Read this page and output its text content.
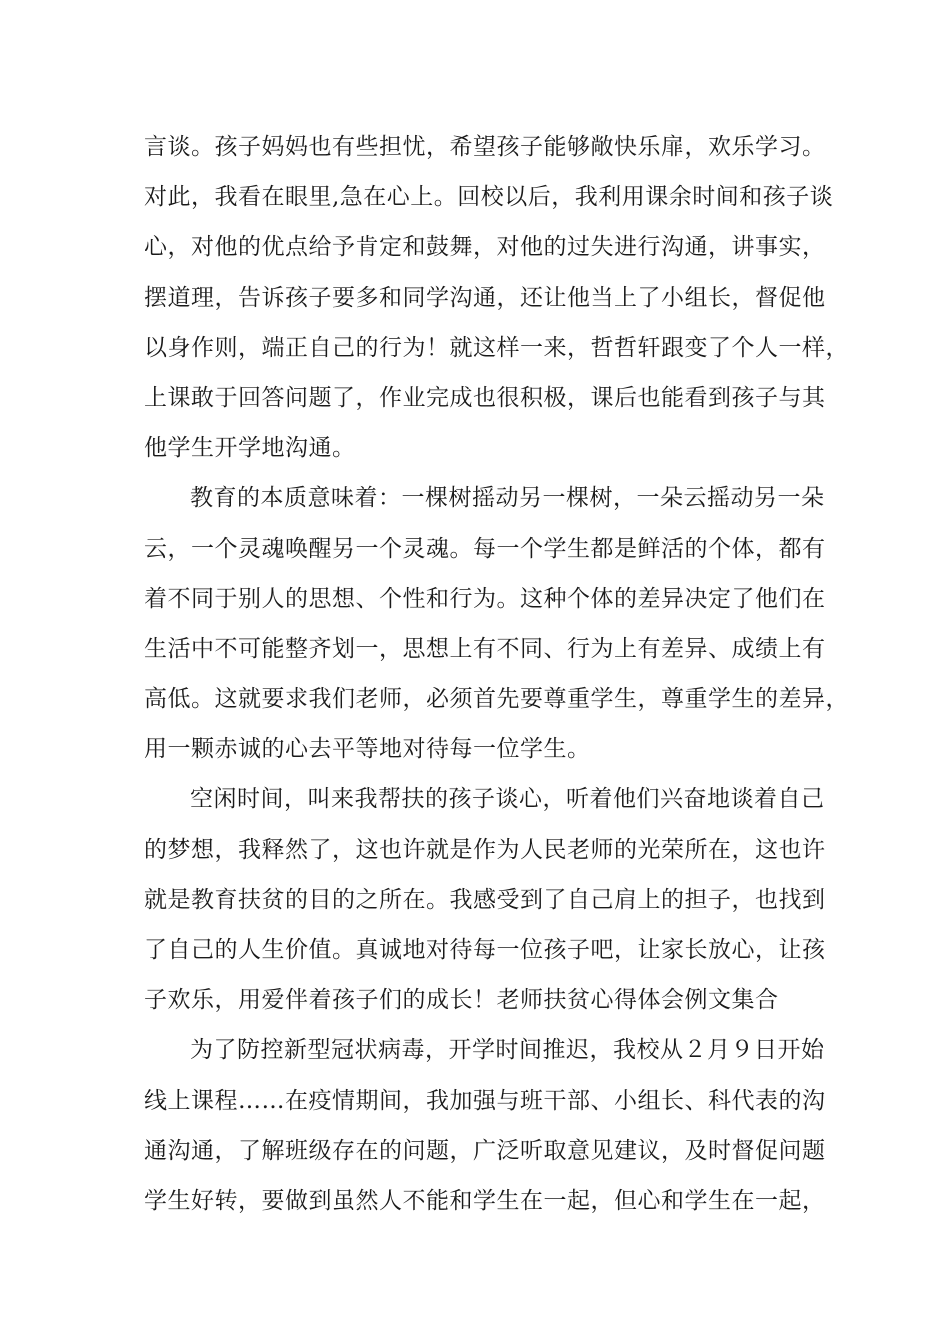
言谈。孩子妈妈也有些担忧，希望孩子能够敞快乐扉，欢乐学习。
对此，我看在眼里,急在心上。回校以后，我利用课余时间和孩子谈
心，对他的优点给予肯定和鼓舞，对他的过失进行沟通，讲事实，
摆道理，告诉孩子要多和同学沟通，还让他当上了小组长，督促他
以身作则，端正自己的行为！就这样一来，哲哲轩跟变了个人一样，
上课敢于回答问题了，作业完成也很积极，课后也能看到孩子与其
他学生开学地沟通。
教育的本质意味着：一棵树摇动另一棵树，一朵云摇动另一朵
云，一个灵魂唤醒另一个灵魂。每一个学生都是鲜活的个体，都有
着不同于别人的思想、个性和行为。这种个体的差异决定了他们在
生活中不可能整齐划一，思想上有不同、行为上有差异、成绩上有
高低。这就要求我们老师，必须首先要尊重学生，尊重学生的差异，
用一颗赤诚的心去平等地对待每一位学生。
空闲时间，叫来我帮扶的孩子谈心，听着他们兴奋地谈着自己
的梦想，我释然了，这也许就是作为人民老师的光荣所在，这也许
就是教育扶贫的目的之所在。我感受到了自己肩上的担子，也找到
了自己的人生价值。真诚地对待每一位孩子吧，让家长放心，让孩
子欢乐，用爱伴着孩子们的成长！老师扶贫心得体会例文集合
为了防控新型冠状病毒，开学时间推迟，我校从２月９日开始
线上课程……在疫情期间，我加强与班干部、小组长、科代表的沟
通沟通，了解班级存在的问题，广泛听取意见建议，及时督促问题
学生好转，要做到虽然人不能和学生在一起，但心和学生在一起，
